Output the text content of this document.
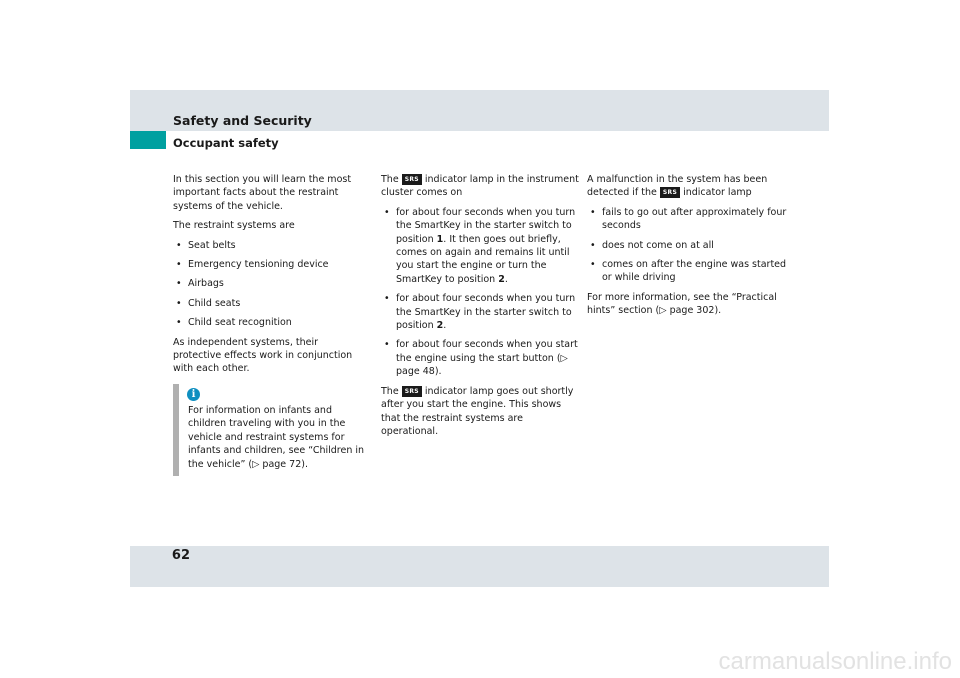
Safety and Security
Occupant safety

In this section you will learn the most important facts about the restraint systems of the vehicle.

The restraint systems are

• Seat belts
• Emergency tensioning device
• Airbags
• Child seats
• Child seat recognition

As independent systems, their protective effects work in conjunction with each other.

i
For information on infants and children traveling with you in the vehicle and restraint systems for infants and children, see “Children in the vehicle” (▷ page 72).

The SRS indicator lamp in the instrument cluster comes on

• for about four seconds when you turn the SmartKey in the starter switch to position 1. It then goes out briefly, comes on again and remains lit until you start the engine or turn the SmartKey to position 2.
• for about four seconds when you turn the SmartKey in the starter switch to position 2.
• for about four seconds when you start the engine using the start button (▷ page 48).

The SRS indicator lamp goes out shortly after you start the engine. This shows that the restraint systems are operational.

A malfunction in the system has been detected if the SRS indicator lamp

• fails to go out after approximately four seconds
• does not come on at all
• comes on after the engine was started or while driving

For more information, see the “Practical hints” section (▷ page 302).

62
carmanualsonline.info
